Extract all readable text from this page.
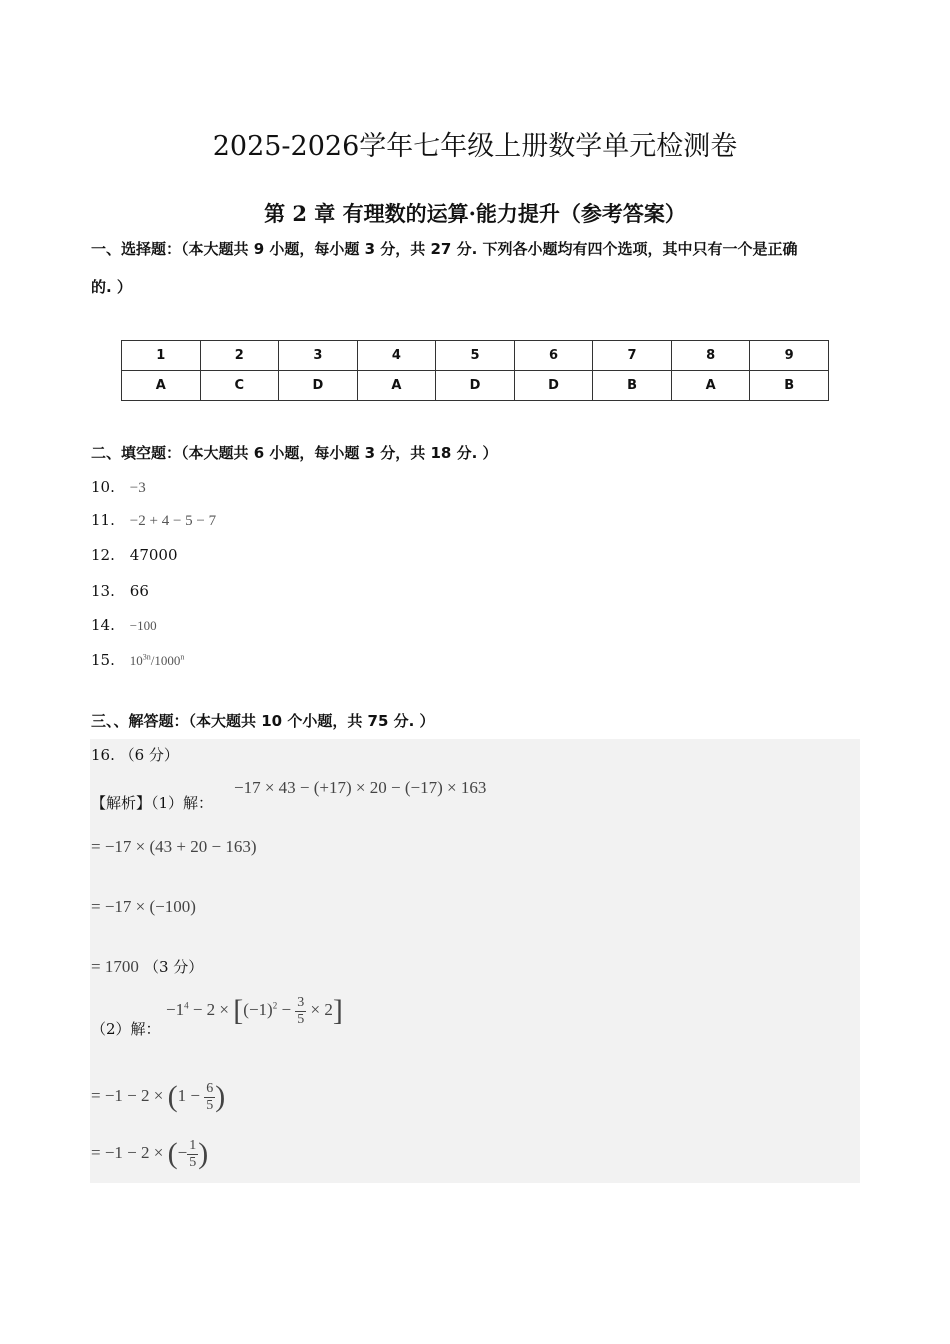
2025-2026学年七年级上册数学单元检测卷
第 2 章 有理数的运算·能力提升（参考答案）
一、选择题：（本大题共 9 小题，每小题 3 分，共 27 分. 下列各小题均有四个选项，其中只有一个是正确
的. ）
1	2	3	4	5	6	7	8	9
A	C	D	A	D	D	B	A	B
二、填空题：（本大题共 6 小题，每小题 3 分，共 18 分. ）
10. −3
11. −2 + 4 − 5 − 7
12. 47000
13. 66
14. −100
15. $10^{3n}/1000^n$
三、、解答题：（本大题共 10 个小题，共 75 分. ）
16. （6 分）
【解析】（1）解：
−17 × 43 − (+17) × 20 − (−17) × 163
= −17 × (43 + 20 − 163)
= −17 × (−100)
= 1700 （3 分）
（2）解：
$-1^4 - 2 \times [(-1)^2 - \frac{3}{5} \times 2]$
= $-1 - 2 \times (1 - \frac{6}{5}$ )
= −1 − 2 × (− $\frac{1}{5}$ )
